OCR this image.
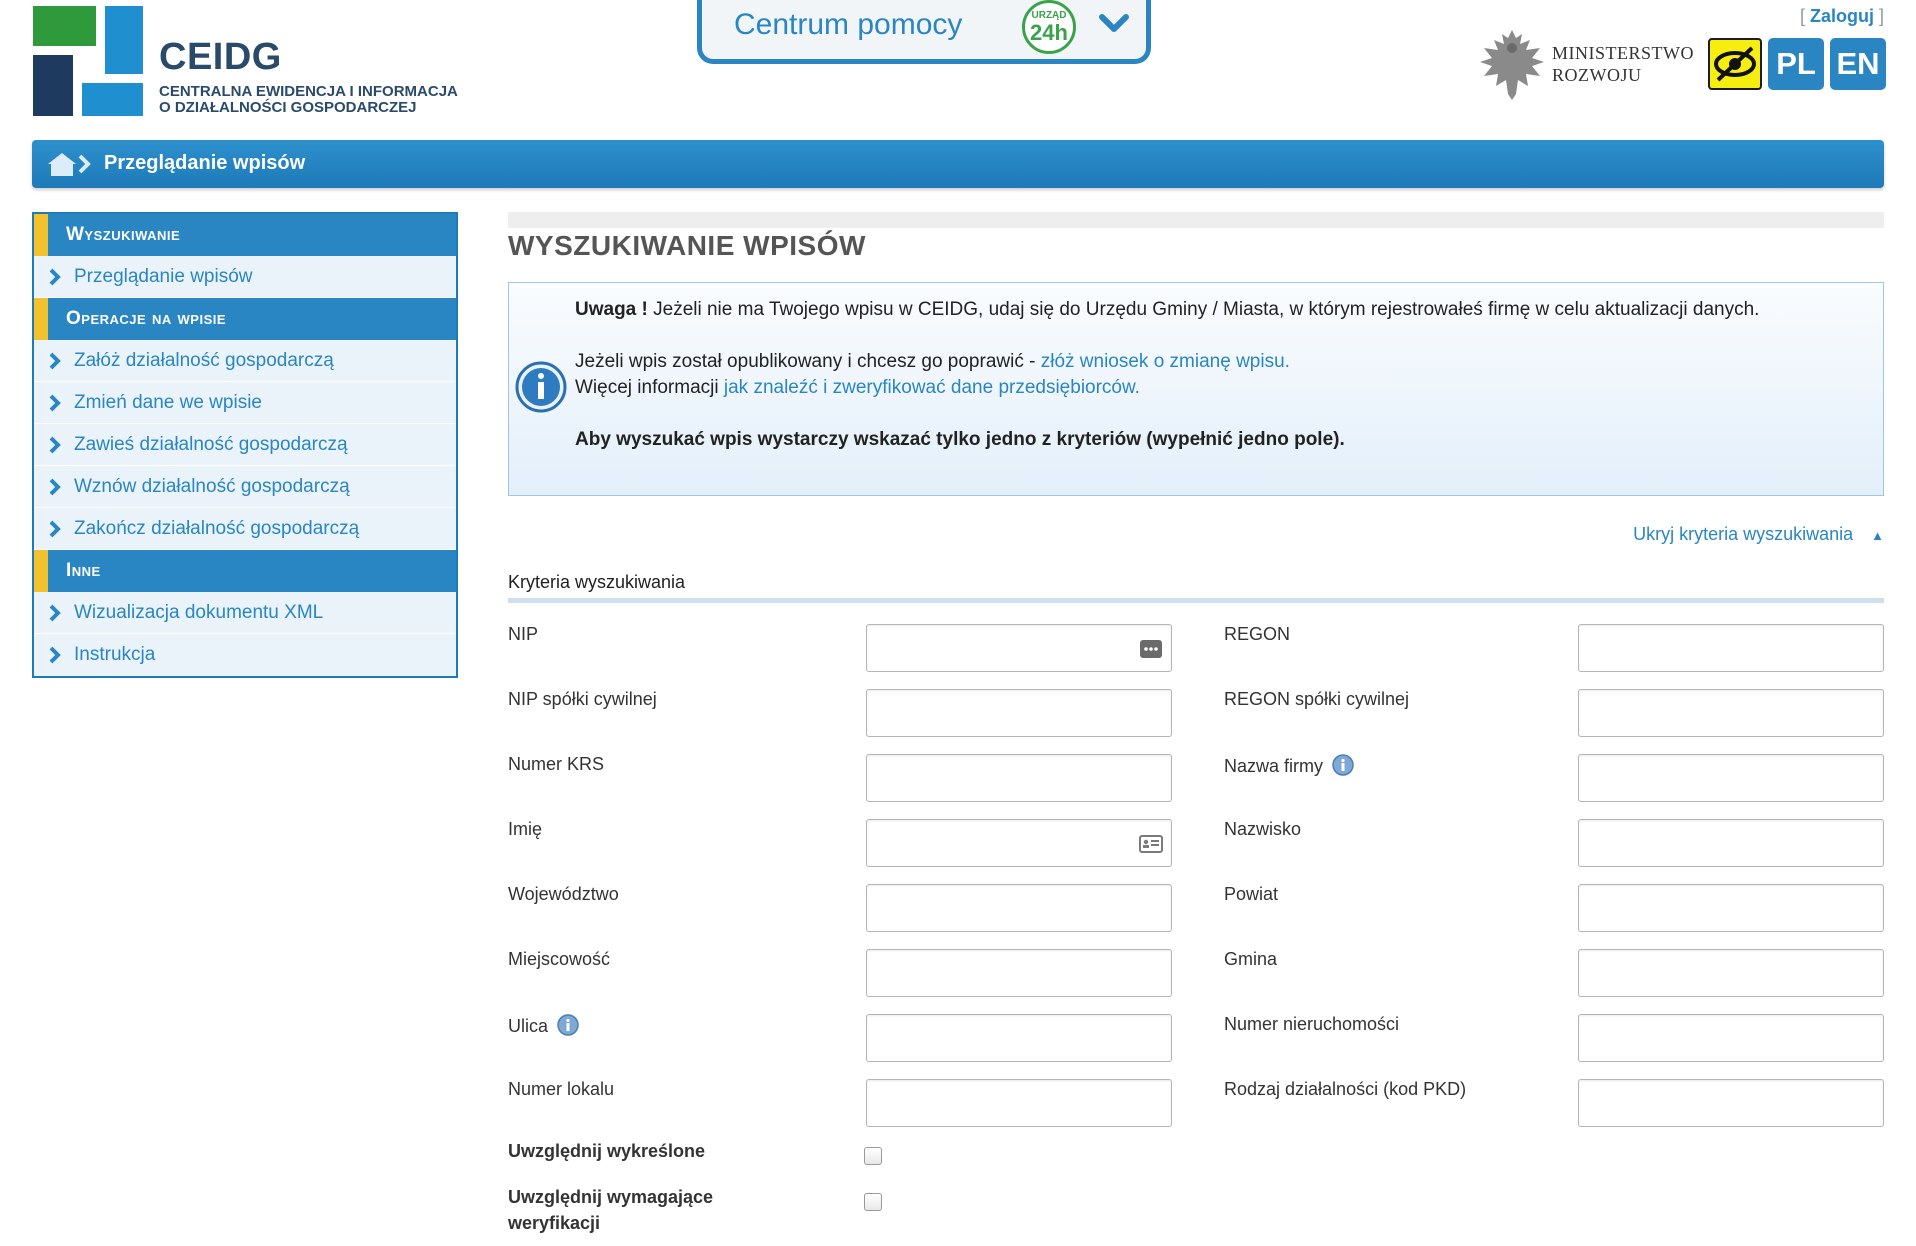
CEIDG
CENTRALNA EWIDENCJA I INFORMACJA
O DZIAŁALNOŚCI GOSPODARCZEJ
Centrum pomocy	URZĄD
24h
[ Zaloguj ]
MINISTERSTWO
ROZWOJU	PL EN
Przeglądanie wpisów
Wyszukiwanie
Przeglądanie wpisów
Operacje na wpisie
Załóż działalność gospodarczą
Zmień dane we wpisie
Zawieś działalność gospodarczą
Wznów działalność gospodarczą
Zakończ działalność gospodarczą
Inne
Wizualizacja dokumentu XML
Instrukcja
WYSZUKIWANIE WPISÓW

Uwaga ! Jeżeli nie ma Twojego wpisu w CEIDG, udaj się do Urzędu Gminy / Miasta, w którym rejestrowałeś firmę w celu aktualizacji danych.

Jeżeli wpis został opublikowany i chcesz go poprawić - złóż wniosek o zmianę wpisu.
Więcej informacji jak znaleźć i zweryfikować dane przedsiębiorców.

Aby wyszukać wpis wystarczy wskazać tylko jedno z kryteriów (wypełnić jedno pole).

Ukryj kryteria wyszukiwania ▲
Kryteria wyszukiwania
NIP	REGON
NIP spółki cywilnej	REGON spółki cywilnej
Numer KRS	Nazwa firmy
Imię	Nazwisko
Województwo	Powiat
Miejscowość	Gmina
Ulica	Numer nieruchomości
Numer lokalu	Rodzaj działalności (kod PKD)
Uwzględnij wykreślone
Uwzględnij wymagające weryfikacji
